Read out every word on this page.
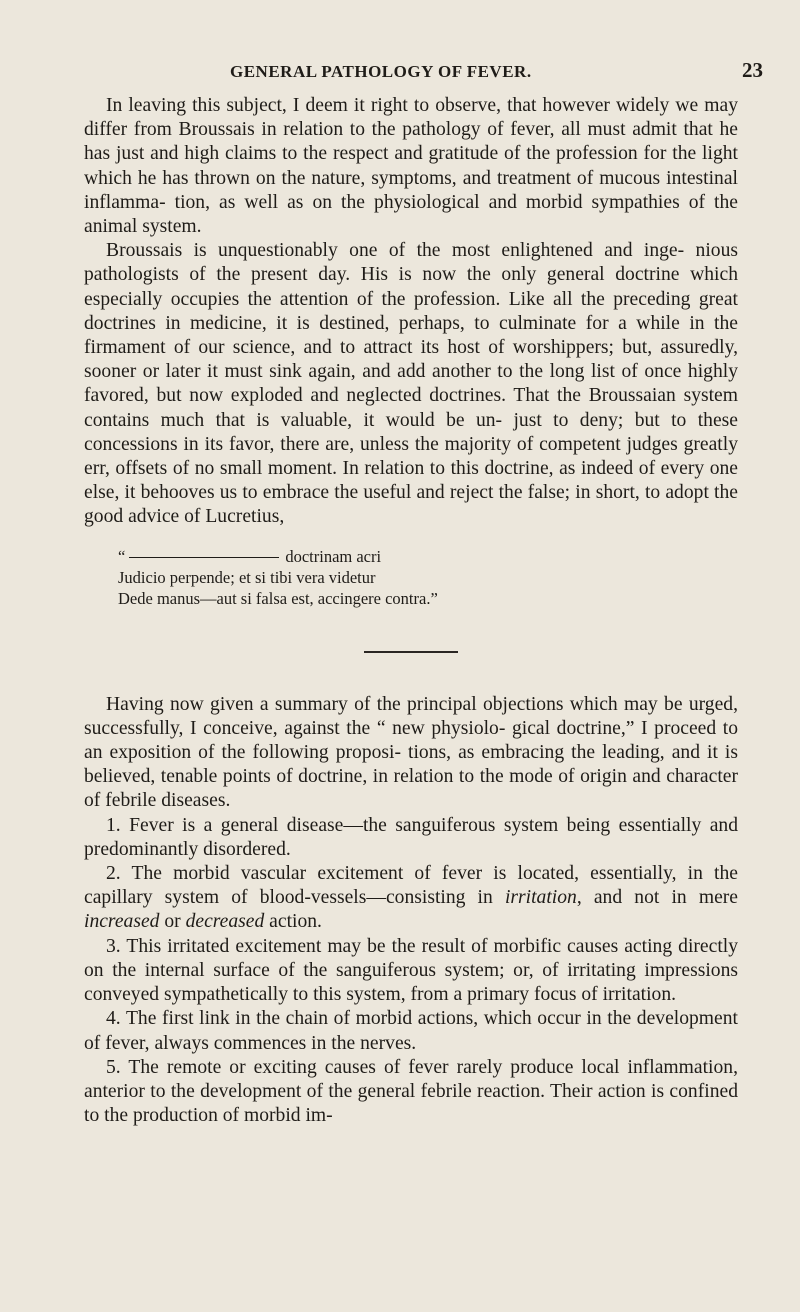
GENERAL PATHOLOGY OF FEVER.	23

In leaving this subject, I deem it right to observe, that however widely we may differ from Broussais in relation to the pathology of fever, all must admit that he has just and high claims to the respect and gratitude of the profession for the light which he has thrown on the nature, symptoms, and treatment of mucous intestinal inflamma- tion, as well as on the physiological and morbid sympathies of the animal system.

Broussais is unquestionably one of the most enlightened and inge- nious pathologists of the present day. His is now the only general doctrine which especially occupies the attention of the profession. Like all the preceding great doctrines in medicine, it is destined, perhaps, to culminate for a while in the firmament of our science, and to attract its host of worshippers; but, assuredly, sooner or later it must sink again, and add another to the long list of once highly favored, but now exploded and neglected doctrines. That the Broussaian system contains much that is valuable, it would be un- just to deny; but to these concessions in its favor, there are, unless the majority of competent judges greatly err, offsets of no small moment. In relation to this doctrine, as indeed of every one else, it behooves us to embrace the useful and reject the false; in short, to adopt the good advice of Lucretius,

“	doctrinam acri
Judicio perpende; et si tibi vera videtur
Dede manus—aut si falsa est, accingere contra.”

Having now given a summary of the principal objections which may be urged, successfully, I conceive, against the “ new physiolo- gical doctrine,” I proceed to an exposition of the following proposi- tions, as embracing the leading, and it is believed, tenable points of doctrine, in relation to the mode of origin and character of febrile diseases.

1. Fever is a general disease—the sanguiferous system being essentially and predominantly disordered.

2. The morbid vascular excitement of fever is located, essentially, in the capillary system of blood-vessels—consisting in irritation, and not in mere increased or decreased action.

3. This irritated excitement may be the result of morbific causes acting directly on the internal surface of the sanguiferous system; or, of irritating impressions conveyed sympathetically to this system, from a primary focus of irritation.

4. The first link in the chain of morbid actions, which occur in the development of fever, always commences in the nerves.

5. The remote or exciting causes of fever rarely produce local inflammation, anterior to the development of the general febrile reaction. Their action is confined to the production of morbid im-
